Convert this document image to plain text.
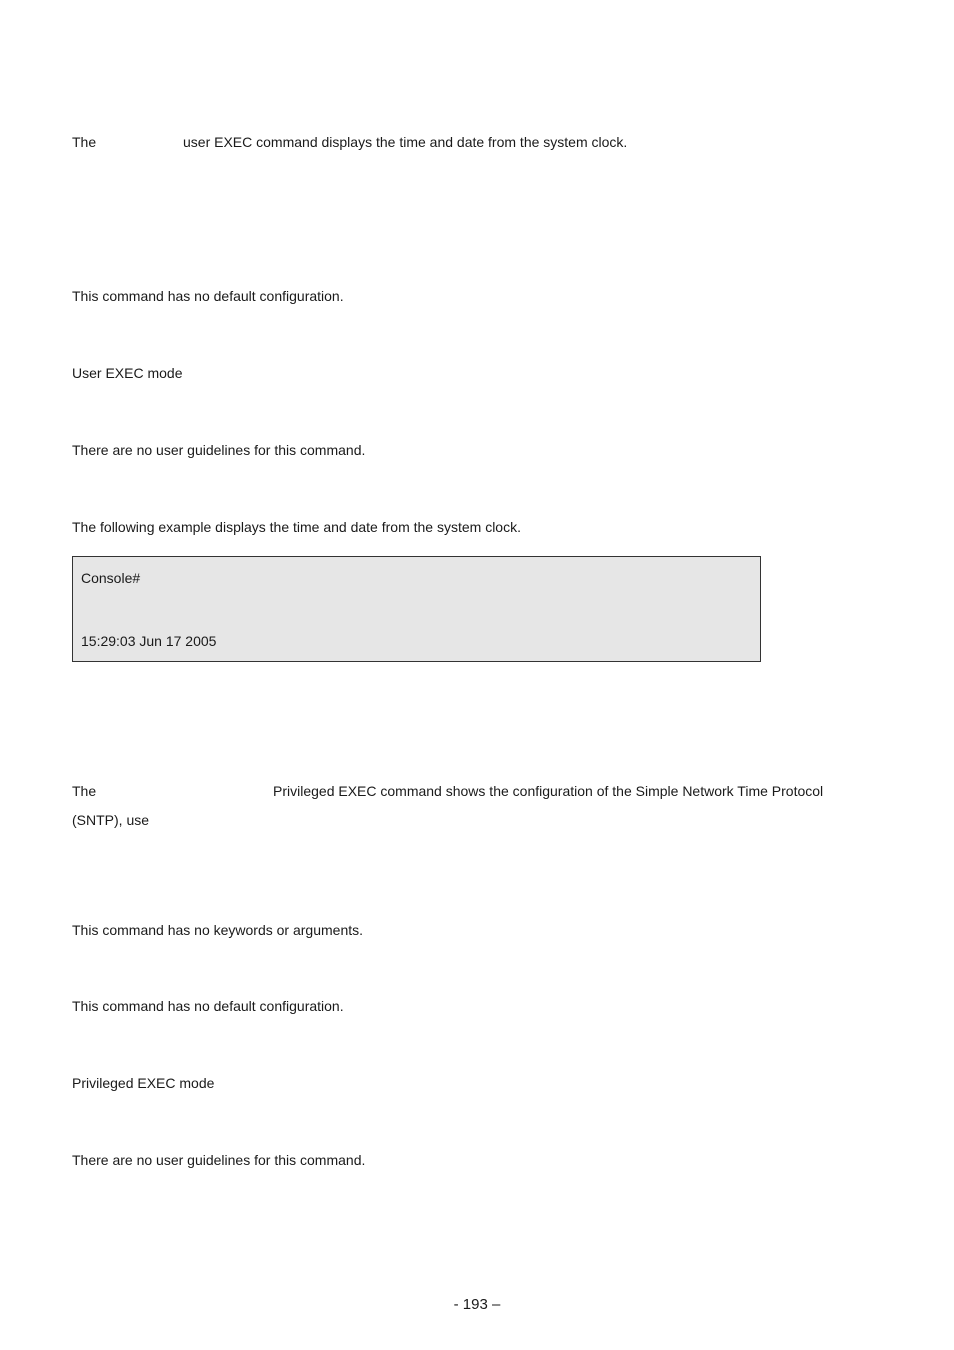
The	user EXEC command displays the time and date from the system clock.

This command has no default configuration.

User EXEC mode

There are no user guidelines for this command.

The following example displays the time and date from the system clock.

Console#

15:29:03 Jun 17 2005

The	Privileged EXEC command shows the configuration of the Simple Network Time Protocol

(SNTP), use

This command has no keywords or arguments.

This command has no default configuration.

Privileged EXEC mode

There are no user guidelines for this command.

- 193 –
